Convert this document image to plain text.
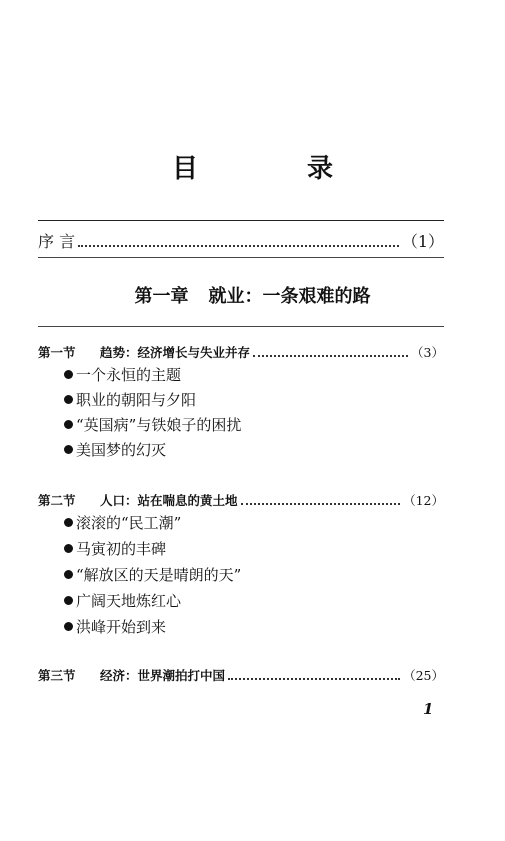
目 录
序 言	（1）
第一章 就业：一条艰难的路
第一节 趋势：经济增长与失业并存	（3）
一个永恒的主题
职业的朝阳与夕阳
“英国病”与铁娘子的困扰
美国梦的幻灭
第二节 人口：站在喘息的黄土地	（12）
滚滚的“民工潮”
马寅初的丰碑
“解放区的天是晴朗的天”
广阔天地炼红心
洪峰开始到来
第三节 经济：世界潮拍打中国	（25）
1
